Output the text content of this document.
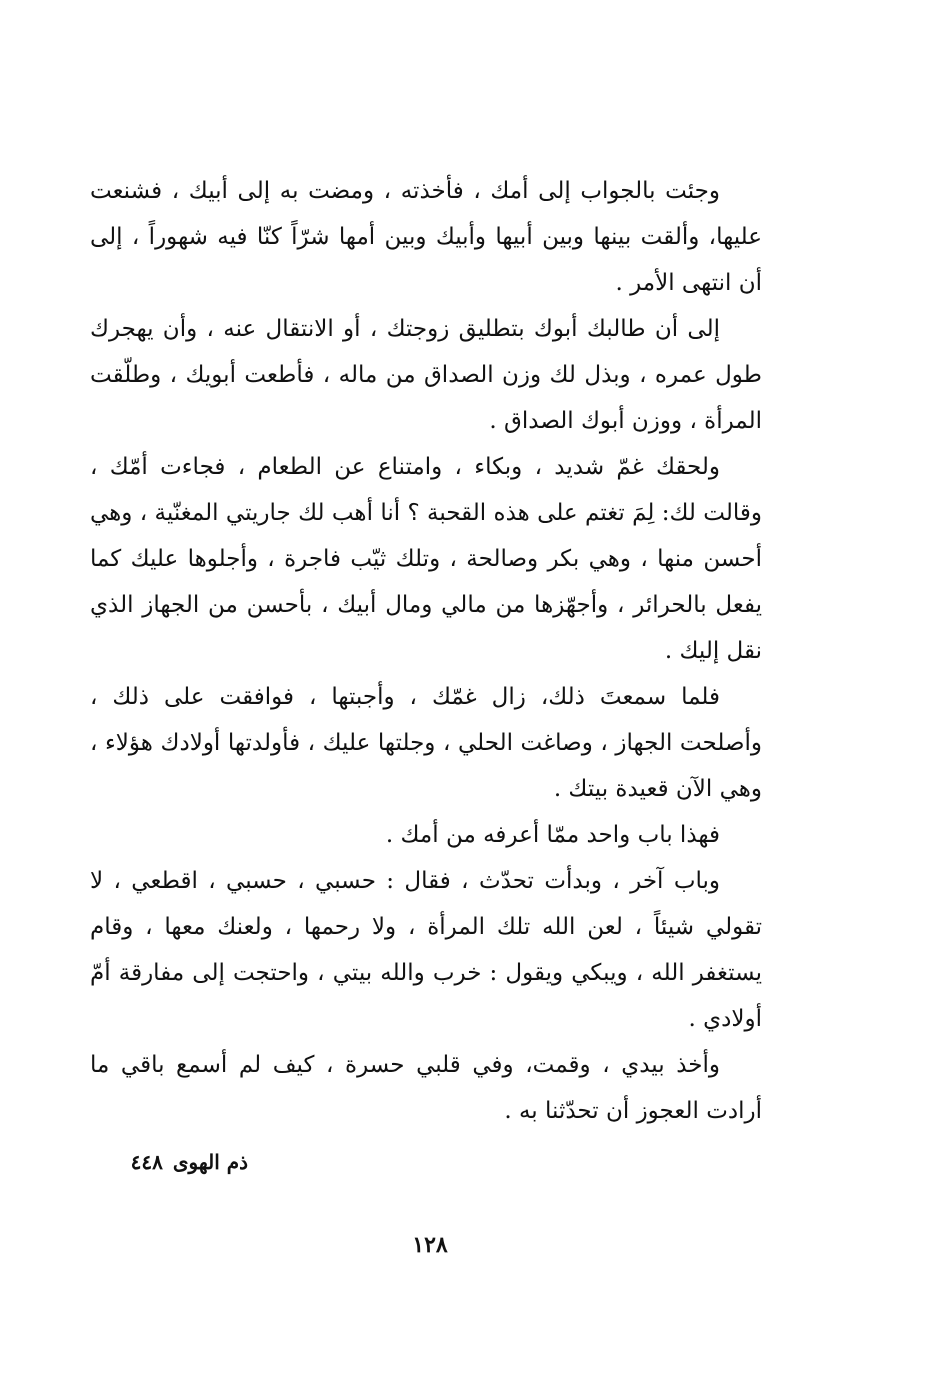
وجئت بالجواب إلى أمك ، فأخذته ، ومضت به إلى أبيك ، فشنعت عليها، وألقت بينها وبين أبيها وأبيك وبين أمها شرّاً كنّا فيه شهوراً ، إلى أن انتهى الأمر .

إلى أن طالبك أبوك بتطليق زوجتك ، أو الانتقال عنه ، وأن يهجرك طول عمره ، وبذل لك وزن الصداق من ماله ، فأطعت أبويك ، وطلّقت المرأة ، ووزن أبوك الصداق .

ولحقك غمّ شديد ، وبكاء ، وامتناع عن الطعام ، فجاءت أمّك ، وقالت لك: لِمَ تغتم على هذه القحبة ؟ أنا أهب لك جاريتي المغنّية ، وهي أحسن منها ، وهي بكر وصالحة ، وتلك ثيّب فاجرة ، وأجلوها عليك كما يفعل بالحرائر ، وأجهّزها من مالي ومال أبيك ، بأحسن من الجهاز الذي نقل إليك .

فلما سمعتَ ذلك، زال غمّك ، وأجبتها ، فوافقت على ذلك ، وأصلحت الجهاز ، وصاغت الحلي ، وجلتها عليك ، فأولدتها أولادك هؤلاء ، وهي الآن قعيدة بيتك .

فهذا باب واحد ممّا أعرفه من أمك .

وباب آخر ، وبدأت تحدّث ، فقال : حسبي ، حسبي ، اقطعي ، لا تقولي شيئاً ، لعن الله تلك المرأة ، ولا رحمها ، ولعنك معها ، وقام يستغفر الله ، ويبكي ويقول : خرب والله بيتي ، واحتجت إلى مفارقة أمّ أولادي .

وأخذ بيدي ، وقمت، وفي قلبي حسرة ، كيف لم أسمع باقي ما أرادت العجوز أن تحدّثنا به .

ذم الهوى٤٤٨
١٢٨
